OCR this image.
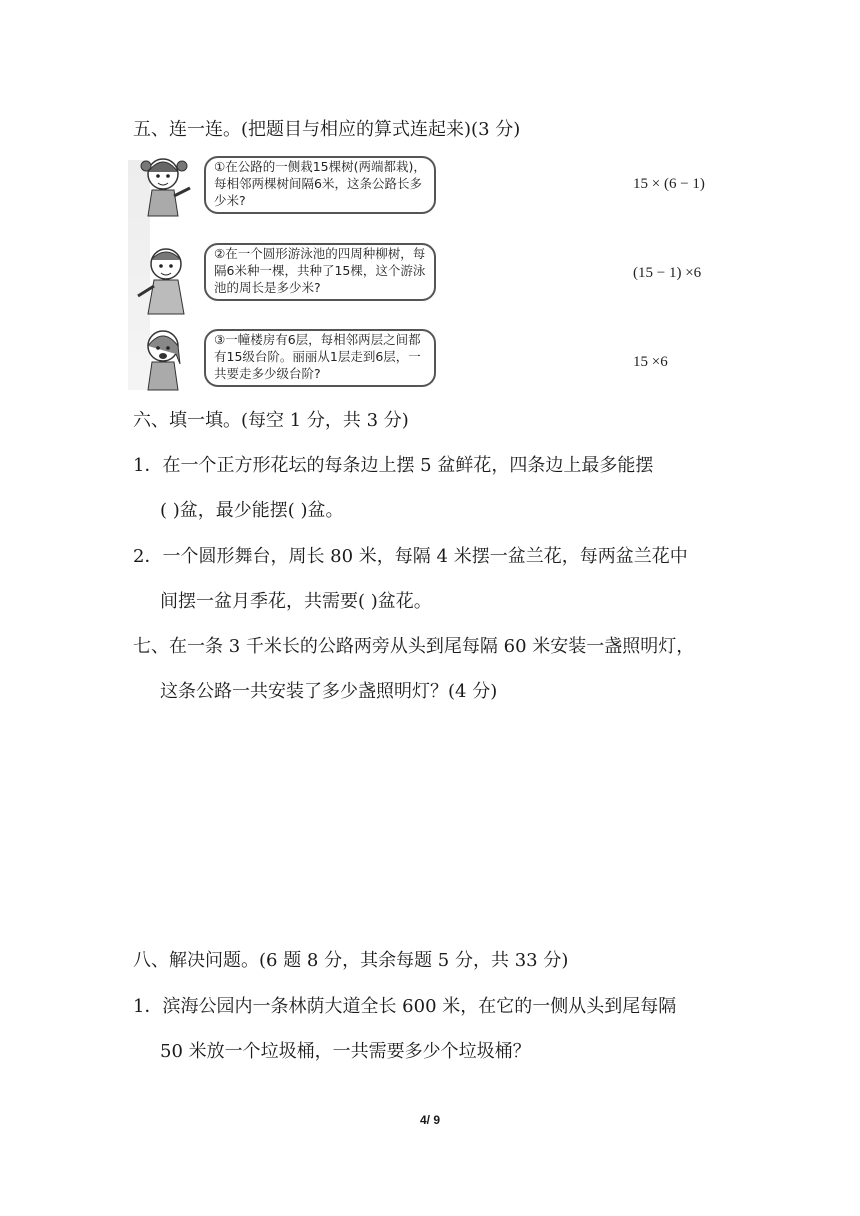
五、连一连。(把题目与相应的算式连起来)(3 分)
①在公路的一侧栽15棵树(两端都栽)，每相邻两棵树间隔6米，这条公路长多少米?
15 × (6 − 1)
②在一个圆形游泳池的四周种柳树，每隔6米种一棵，共种了15棵，这个游泳池的周长是多少米?
(15 − 1) ×6
③一幢楼房有6层，每相邻两层之间都有15级台阶。丽丽从1层走到6层，一共要走多少级台阶?
15 ×6
六、填一填。(每空 1 分，共 3 分)
1．在一个正方形花坛的每条边上摆 5 盆鲜花，四条边上最多能摆
( )盆，最少能摆( )盆。
2．一个圆形舞台，周长 80 米，每隔 4 米摆一盆兰花，每两盆兰花中
间摆一盆月季花，共需要( )盆花。
七、在一条 3 千米长的公路两旁从头到尾每隔 60 米安装一盏照明灯，
这条公路一共安装了多少盏照明灯？(4 分)
八、解决问题。(6 题 8 分，其余每题 5 分，共 33 分)
1．滨海公园内一条林荫大道全长 600 米，在它的一侧从头到尾每隔
50 米放一个垃圾桶，一共需要多少个垃圾桶？
4/ 9
